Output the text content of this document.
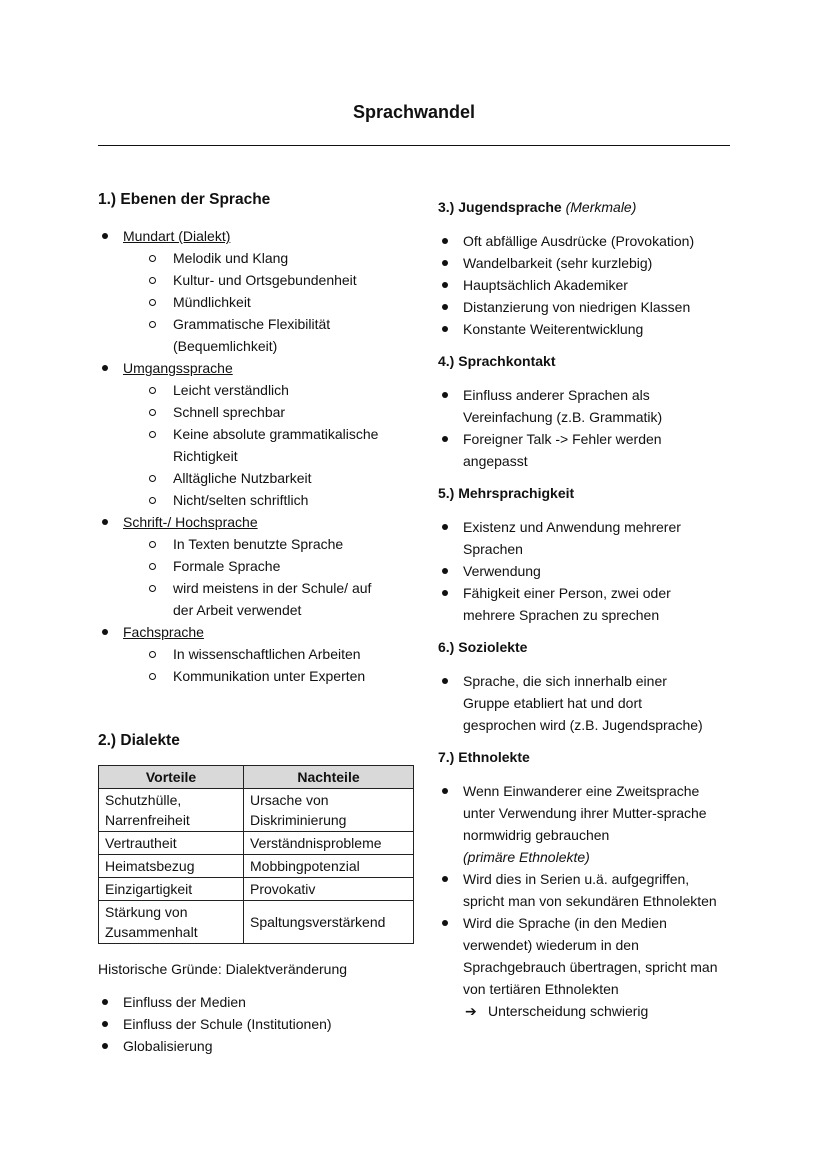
Sprachwandel
1.) Ebenen der Sprache
Mundart (Dialekt)
Melodik und Klang
Kultur- und Ortsgebundenheit
Mündlichkeit
Grammatische Flexibilität (Bequemlichkeit)
Umgangssprache
Leicht verständlich
Schnell sprechbar
Keine absolute grammatikalische Richtigkeit
Alltägliche Nutzbarkeit
Nicht/selten schriftlich
Schrift-/ Hochsprache
In Texten benutzte Sprache
Formale Sprache
wird meistens in der Schule/ auf der Arbeit verwendet
Fachsprache
In wissenschaftlichen Arbeiten
Kommunikation unter Experten
2.) Dialekte
Vorteile	Nachteile
Schutzhülle, Narrenfreiheit	Ursache von Diskriminierung
Vertrautheit	Verständnisprobleme
Heimatsbezug	Mobbingpotenzial
Einzigartigkeit	Provokativ
Stärkung von Zusammenhalt	Spaltungsverstärkend

Historische Gründe: Dialektveränderung

Einfluss der Medien
Einfluss der Schule (Institutionen)
Globalisierung
3.) Jugendsprache (Merkmale)
Oft abfällige Ausdrücke (Provokation)
Wandelbarkeit (sehr kurzlebig)
Hauptsächlich Akademiker
Distanzierung von niedrigen Klassen
Konstante Weiterentwicklung
4.) Sprachkontakt
Einfluss anderer Sprachen als Vereinfachung (z.B. Grammatik)
Foreigner Talk -> Fehler werden angepasst
5.) Mehrsprachigkeit
Existenz und Anwendung mehrerer Sprachen
Verwendung
Fähigkeit einer Person, zwei oder mehrere Sprachen zu sprechen
6.) Soziolekte
Sprache, die sich innerhalb einer Gruppe etabliert hat und dort gesprochen wird (z.B. Jugendsprache)
7.) Ethnolekte
Wenn Einwanderer eine Zweitsprache unter Verwendung ihrer Mutter-sprache normwidrig gebrauchen
(primäre Ethnolekte)
Wird dies in Serien u.ä. aufgegriffen, spricht man von sekundären Ethnolekten
Wird die Sprache (in den Medien verwendet) wiederum in den Sprachgebrauch übertragen, spricht man von tertiären Ethnolekten
➔ Unterscheidung schwierig
